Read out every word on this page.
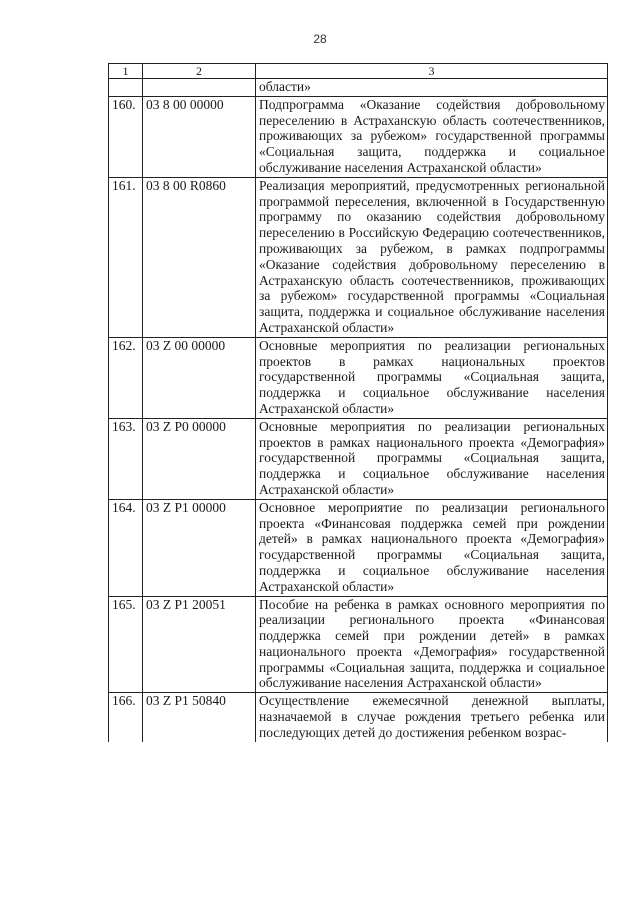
28
1	2	3
		области»
160.	03 8 00 00000	Подпрограмма «Оказание содействия добровольному переселению в Астраханскую область соотечественников, проживающих за рубежом» государственной программы «Социальная защита, поддержка и социальное обслуживание населения Астраханской области»
161.	03 8 00 R0860	Реализация мероприятий, предусмотренных региональной программой переселения, включенной в Государственную программу по оказанию содействия добровольному переселению в Российскую Федерацию соотечественников, проживающих за рубежом, в рамках подпрограммы «Оказание содействия добровольному переселению в Астраханскую область соотечественников, проживающих за рубежом» государственной программы «Социальная защита, поддержка и социальное обслуживание населения Астраханской области»
162.	03 Z 00 00000	Основные мероприятия по реализации региональных проектов в рамках национальных проектов государственной программы «Социальная защита, поддержка и социальное обслуживание населения Астраханской области»
163.	03 Z P0 00000	Основные мероприятия по реализации региональных проектов в рамках национального проекта «Демография» государственной программы «Социальная защита, поддержка и социальное обслуживание населения Астраханской области»
164.	03 Z P1 00000	Основное мероприятие по реализации регионального проекта «Финансовая поддержка семей при рождении детей» в рамках национального проекта «Демография» государственной программы «Социальная защита, поддержка и социальное обслуживание населения Астраханской области»
165.	03 Z P1 20051	Пособие на ребенка в рамках основного мероприятия по реализации регионального проекта «Финансовая поддержка семей при рождении детей» в рамках национального проекта «Демография» государственной программы «Социальная защита, поддержка и социальное обслуживание населения Астраханской области»
166.	03 Z P1 50840	Осуществление ежемесячной денежной выплаты, назначаемой в случае рождения третьего ребенка или последующих детей до достижения ребенком возрас-
